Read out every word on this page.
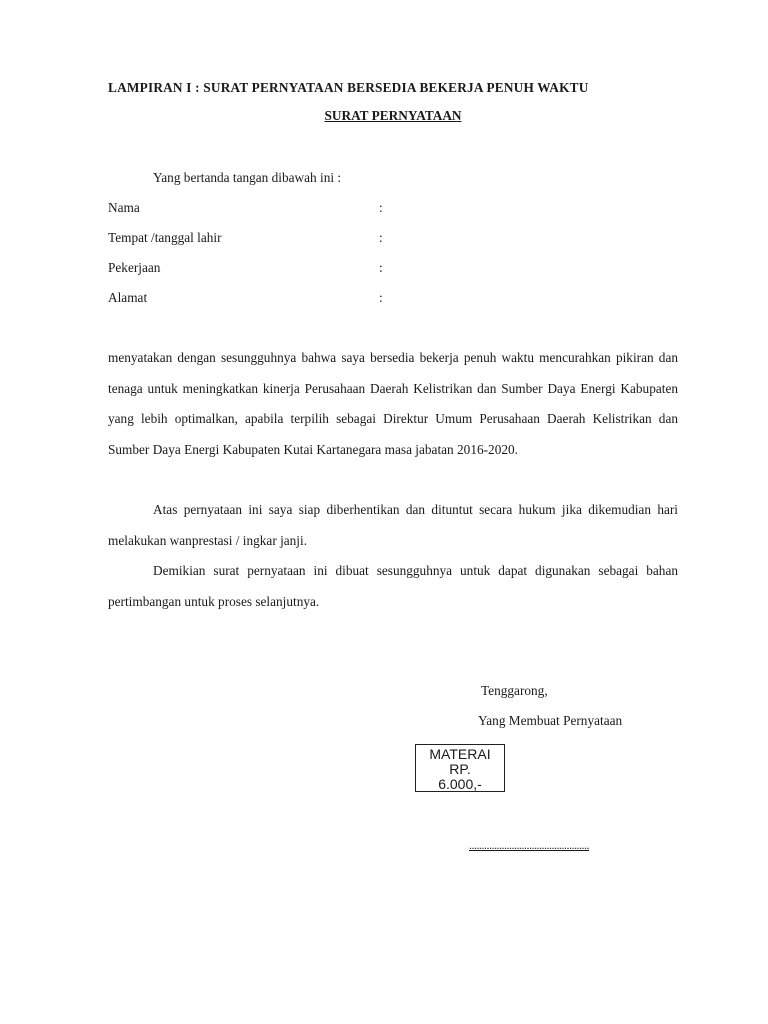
LAMPIRAN I : SURAT PERNYATAAN BERSEDIA BEKERJA PENUH WAKTU
SURAT PERNYATAAN
Yang bertanda tangan dibawah ini :
Nama	:
Tempat /tanggal lahir	:
Pekerjaan	:
Alamat	:

menyatakan dengan sesungguhnya bahwa saya bersedia bekerja penuh waktu mencurahkan pikiran dan tenaga untuk meningkatkan kinerja Perusahaan Daerah Kelistrikan dan Sumber Daya Energi Kabupaten yang lebih optimalkan, apabila terpilih sebagai Direktur Umum Perusahaan Daerah Kelistrikan dan Sumber Daya Energi Kabupaten Kutai Kartanegara masa jabatan 2016-2020.

Atas pernyataan ini saya siap diberhentikan dan dituntut secara hukum jika dikemudian hari melakukan wanprestasi / ingkar janji.

Demikian surat pernyataan ini dibuat sesungguhnya untuk dapat digunakan sebagai bahan pertimbangan untuk proses selanjutnya.

Tenggarong,
Yang Membuat Pernyataan
MATERAI
RP.
6.000,-
................................................
